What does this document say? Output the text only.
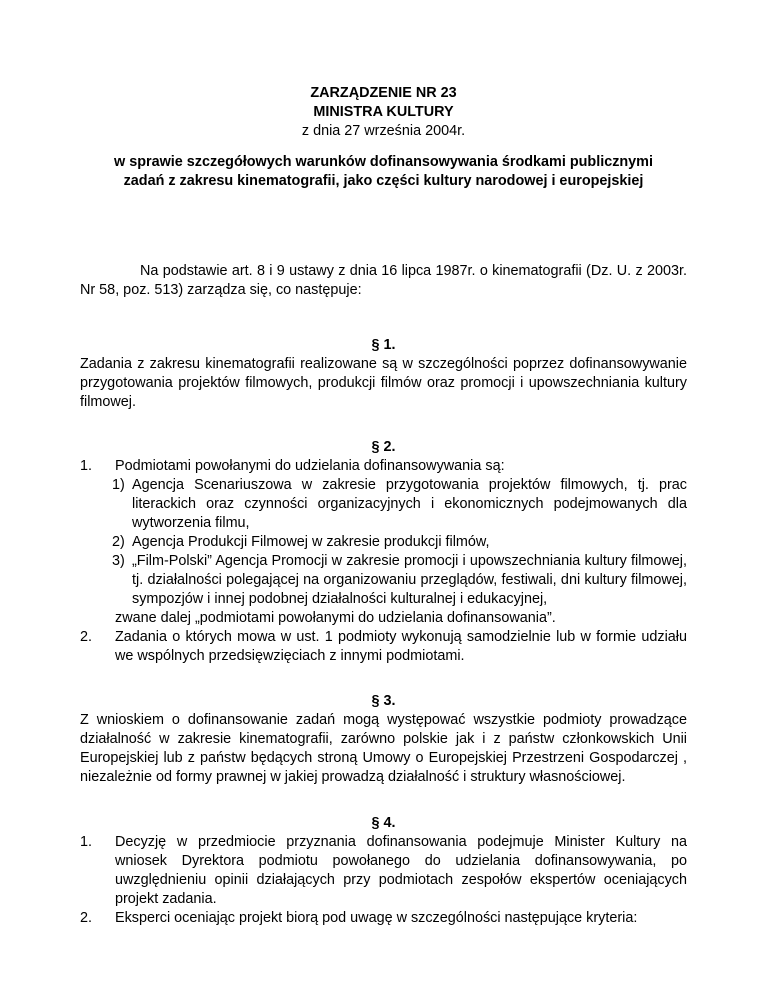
ZARZĄDZENIE NR 23

MINISTRA KULTURY

z dnia 27 września 2004r.

w sprawie szczegółowych warunków dofinansowywania środkami publicznymi

zadań z zakresu kinematografii, jako części kultury narodowej i europejskiej

Na podstawie art. 8 i 9 ustawy z dnia 16 lipca 1987r. o kinematografii (Dz. U. z 2003r. Nr 58, poz. 513) zarządza się, co następuje:

§ 1.

Zadania z zakresu kinematografii realizowane są w szczególności poprzez dofinansowywanie przygotowania projektów filmowych, produkcji filmów oraz promocji i upowszechniania kultury filmowej.

§ 2.

1.	Podmiotami powołanymi do udzielania dofinansowywania są:
1) Agencja Scenariuszowa w zakresie przygotowania projektów filmowych, tj. prac literackich oraz czynności organizacyjnych i ekonomicznych podejmowanych dla wytworzenia filmu,
2) Agencja Produkcji Filmowej w zakresie produkcji filmów,
3) „Film-Polski” Agencja Promocji w zakresie promocji i upowszechniania kultury filmowej, tj. działalności polegającej na organizowaniu przeglądów, festiwali, dni kultury filmowej, sympozjów i innej podobnej działalności kulturalnej i edukacyjnej,

zwane dalej „podmiotami powołanymi do udzielania dofinansowania”.

2.	Zadania o których mowa w ust. 1 podmioty wykonują samodzielnie lub w formie udziału we wspólnych przedsięwzięciach z innymi podmiotami.

§ 3.

Z wnioskiem o dofinansowanie zadań mogą występować wszystkie podmioty prowadzące działalność w zakresie kinematografii, zarówno polskie jak i z państw członkowskich Unii Europejskiej lub z państw będących stroną Umowy o Europejskiej Przestrzeni Gospodarczej , niezależnie od formy prawnej w jakiej prowadzą działalność i struktury własnościowej.

§ 4.

1.	Decyzję w przedmiocie przyznania dofinansowania podejmuje Minister Kultury na wniosek Dyrektora podmiotu powołanego do udzielania dofinansowywania, po uwzględnieniu opinii działających przy podmiotach zespołów ekspertów oceniających projekt zadania.
2.	Eksperci oceniając projekt biorą pod uwagę w szczególności następujące kryteria:
